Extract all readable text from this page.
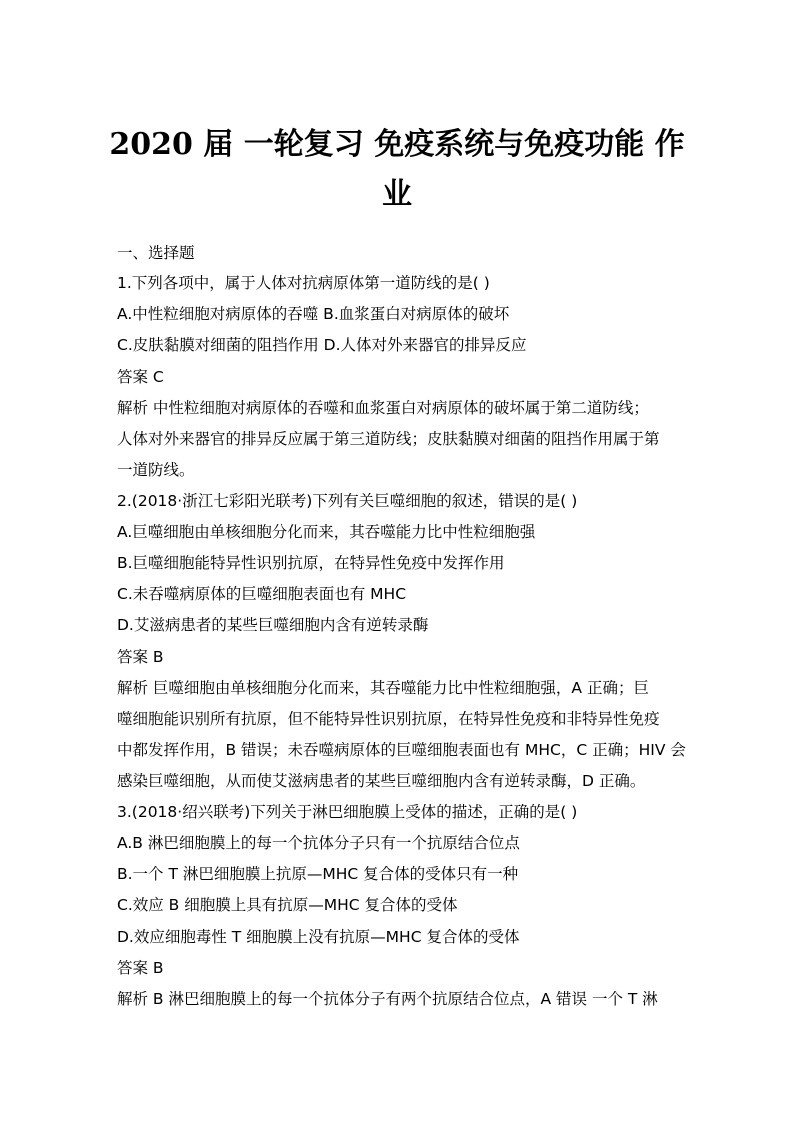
2020 届 一轮复习 免疫系统与免疫功能 作
业
一、选择题
1.下列各项中，属于人体对抗病原体第一道防线的是( )
A.中性粒细胞对病原体的吞噬 B.血浆蛋白对病原体的破坏
C.皮肤黏膜对细菌的阻挡作用 D.人体对外来器官的排异反应
答案 C
解析 中性粒细胞对病原体的吞噬和血浆蛋白对病原体的破坏属于第二道防线；
人体对外来器官的排异反应属于第三道防线；皮肤黏膜对细菌的阻挡作用属于第
一道防线。
2.(2018·浙江七彩阳光联考)下列有关巨噬细胞的叙述，错误的是( )
A.巨噬细胞由单核细胞分化而来，其吞噬能力比中性粒细胞强
B.巨噬细胞能特异性识别抗原，在特异性免疫中发挥作用
C.未吞噬病原体的巨噬细胞表面也有 MHC
D.艾滋病患者的某些巨噬细胞内含有逆转录酶
答案 B
解析 巨噬细胞由单核细胞分化而来，其吞噬能力比中性粒细胞强，A 正确；巨
噬细胞能识别所有抗原，但不能特异性识别抗原，在特异性免疫和非特异性免疫
中都发挥作用，B 错误；未吞噬病原体的巨噬细胞表面也有 MHC，C 正确；HIV 会
感染巨噬细胞，从而使艾滋病患者的某些巨噬细胞内含有逆转录酶，D 正确。
3.(2018·绍兴联考)下列关于淋巴细胞膜上受体的描述，正确的是( )
A.B 淋巴细胞膜上的每一个抗体分子只有一个抗原结合位点
B.一个 T 淋巴细胞膜上抗原—MHC 复合体的受体只有一种
C.效应 B 细胞膜上具有抗原—MHC 复合体的受体
D.效应细胞毒性 T 细胞膜上没有抗原—MHC 复合体的受体
答案 B
解析 B 淋巴细胞膜上的每一个抗体分子有两个抗原结合位点，A 错误 一个 T 淋
